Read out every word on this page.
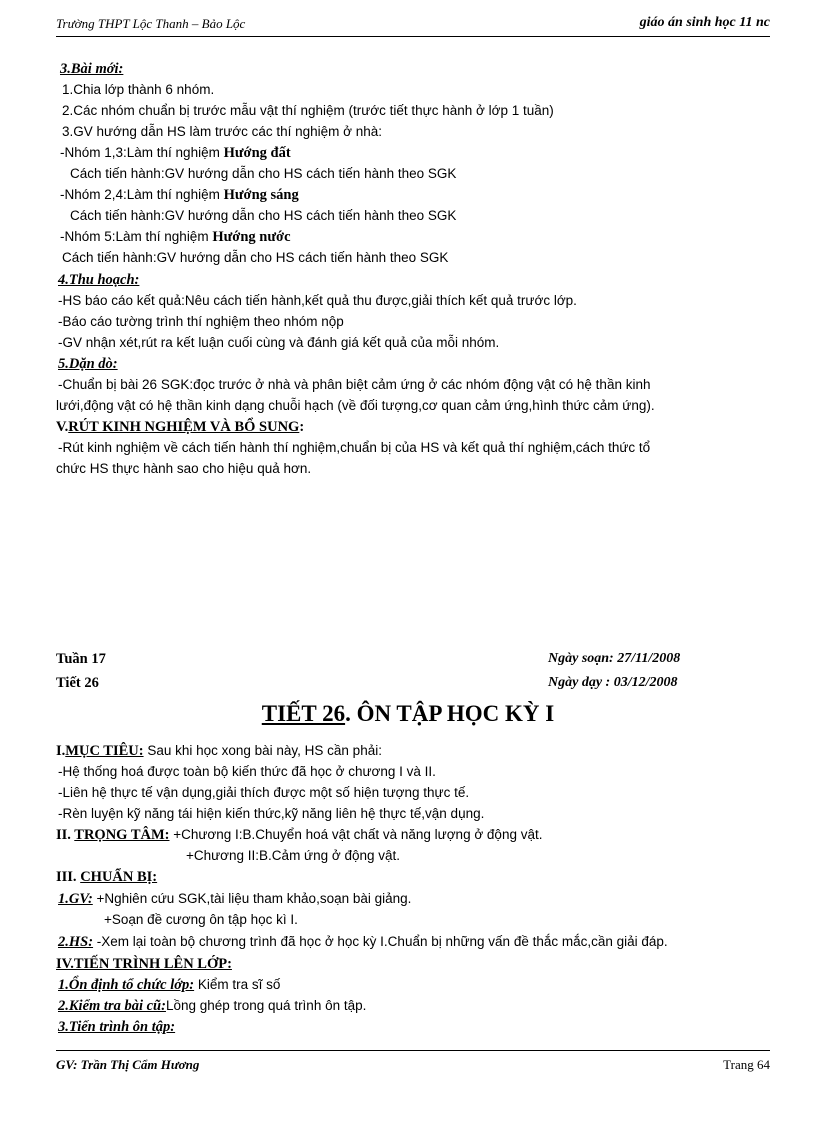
Trường THPT Lộc Thanh – Bảo Lộc	giáo án sinh học 11 nc
3.Bài mới:
1.Chia lớp thành 6 nhóm.
2.Các nhóm chuẩn bị trước mẫu vật thí nghiệm (trước tiết thực hành ở lớp 1 tuần)
3.GV hướng dẫn HS làm trước các thí nghiệm ở nhà:
-Nhóm 1,3:Làm thí nghiệm Hướng đất
Cách tiến hành:GV hướng dẫn cho HS cách tiến hành theo SGK
-Nhóm 2,4:Làm thí nghiệm Hướng sáng
Cách tiến hành:GV hướng dẫn cho HS cách tiến hành theo SGK
-Nhóm 5:Làm thí nghiệm Hướng nước
Cách tiến hành:GV hướng dẫn cho HS cách tiến hành theo SGK
4.Thu hoạch:
-HS báo cáo kết quả:Nêu cách tiến hành,kết quả thu được,giải thích kết quả trước lớp.
-Báo cáo tường trình thí nghiệm theo nhóm nộp
-GV nhận xét,rút ra kết luận cuối cùng và đánh giá kết quả của mỗi nhóm.
5.Dặn dò:
-Chuẩn bị bài 26 SGK:đọc trước ở nhà và phân biệt cảm ứng ở các nhóm động vật có hệ thần kinh
lưới,động vật có hệ thần kinh dạng chuỗi hạch (về đối tượng,cơ quan cảm ứng,hình thức cảm ứng).
V.RÚT KINH NGHIỆM VÀ BỔ SUNG:
-Rút kinh nghiệm về cách tiến hành thí nghiệm,chuẩn bị của HS và kết quả thí nghiệm,cách thức tổ
chức HS thực hành sao cho hiệu quả hơn.
Tuần 17
Tiết 26
Ngày soạn: 27/11/2008
Ngày dạy : 03/12/2008
TIẾT 26. ÔN TẬP HỌC KỲ I
I.MỤC TIÊU: Sau khi học xong bài này, HS cần phải:
-Hệ thống hoá được toàn bộ kiến thức đã học ở chương I và II.
-Liên hệ thực tế vận dụng,giải thích được một số hiện tượng thực tế.
-Rèn luyện kỹ năng tái hiện kiến thức,kỹ năng liên hệ thực tế,vận dụng.
II. TRỌNG TÂM: +Chương I:B.Chuyển hoá vật chất và năng lượng ở động vật.
+Chương II:B.Cảm ứng ở động vật.
III. CHUẨN BỊ:
1.GV: +Nghiên cứu SGK,tài liệu tham khảo,soạn bài giảng.
+Soạn đề cương ôn tập học kì I.
2.HS: -Xem lại toàn bộ chương trình đã học ở học kỳ I.Chuẩn bị những vấn đề thắc mắc,cần giải đáp.
IV.TIẾN TRÌNH LÊN LỚP:
1.Ổn định tổ chức lớp: Kiểm tra sĩ số
2.Kiểm tra bài cũ:Lồng ghép trong quá trình ôn tập.
3.Tiến trình ôn tập:
GV: Trần Thị Cẩm Hương	Trang 64
